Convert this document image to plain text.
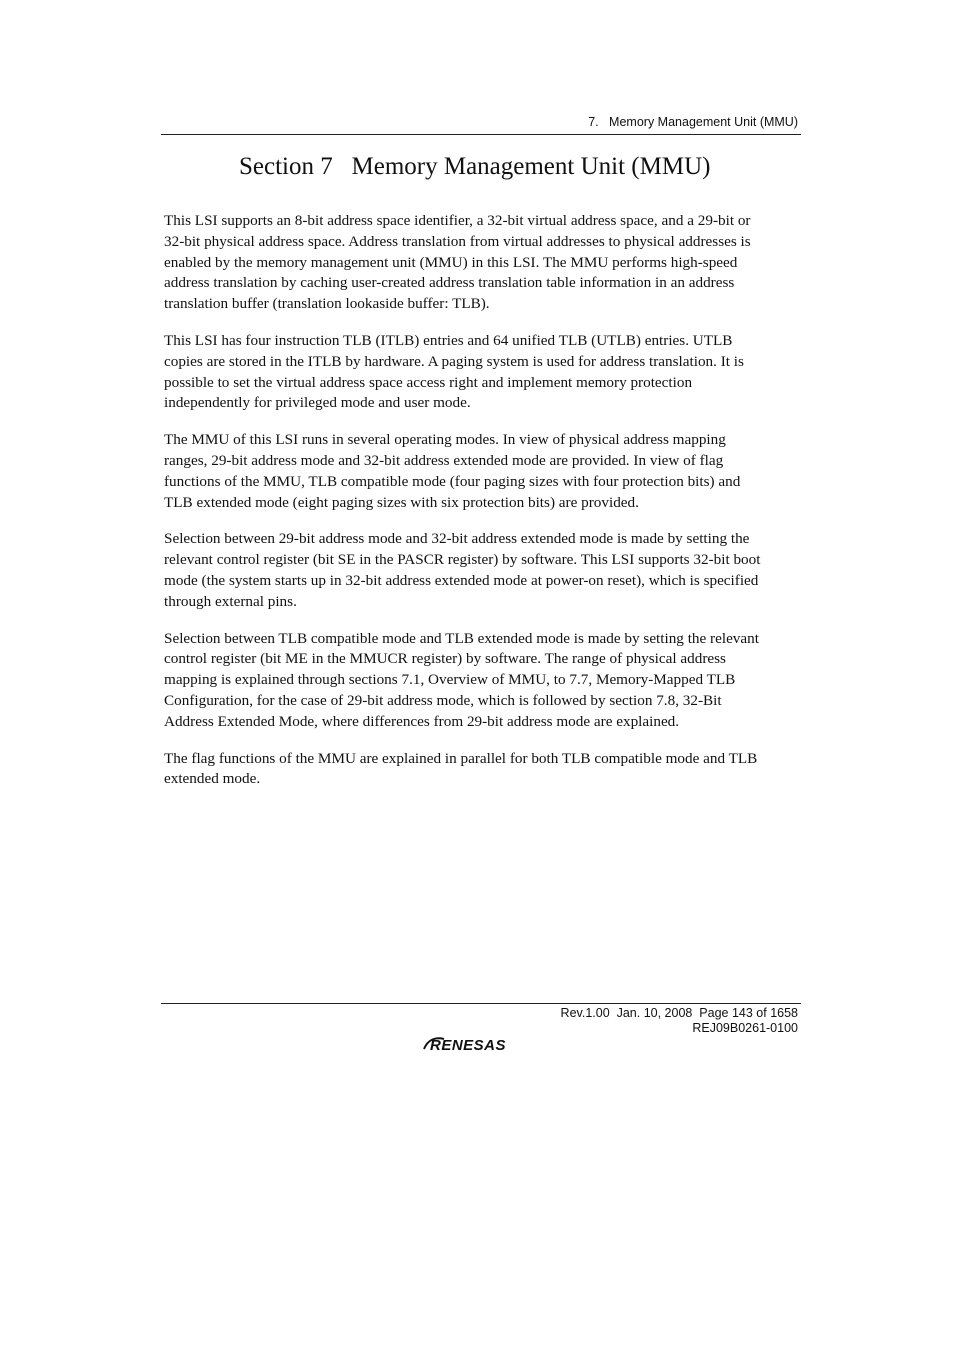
7.   Memory Management Unit (MMU)
Section 7   Memory Management Unit (MMU)

This LSI supports an 8-bit address space identifier, a 32-bit virtual address space, and a 29-bit or
32-bit physical address space. Address translation from virtual addresses to physical addresses is
enabled by the memory management unit (MMU) in this LSI. The MMU performs high-speed
address translation by caching user-created address translation table information in an address
translation buffer (translation lookaside buffer: TLB).

This LSI has four instruction TLB (ITLB) entries and 64 unified TLB (UTLB) entries. UTLB
copies are stored in the ITLB by hardware. A paging system is used for address translation. It is
possible to set the virtual address space access right and implement memory protection
independently for privileged mode and user mode.

The MMU of this LSI runs in several operating modes. In view of physical address mapping
ranges, 29-bit address mode and 32-bit address extended mode are provided. In view of flag
functions of the MMU, TLB compatible mode (four paging sizes with four protection bits) and
TLB extended mode (eight paging sizes with six protection bits) are provided.

Selection between 29-bit address mode and 32-bit address extended mode is made by setting the
relevant control register (bit SE in the PASCR register) by software. This LSI supports 32-bit boot
mode (the system starts up in 32-bit address extended mode at power-on reset), which is specified
through external pins.

Selection between TLB compatible mode and TLB extended mode is made by setting the relevant
control register (bit ME in the MMUCR register) by software. The range of physical address
mapping is explained through sections 7.1, Overview of MMU, to 7.7, Memory-Mapped TLB
Configuration, for the case of 29-bit address mode, which is followed by section 7.8, 32-Bit
Address Extended Mode, where differences from 29-bit address mode are explained.

The flag functions of the MMU are explained in parallel for both TLB compatible mode and TLB
extended mode.

Rev.1.00  Jan. 10, 2008  Page 143 of 1658
REJ09B0261-0100
RENESAS
